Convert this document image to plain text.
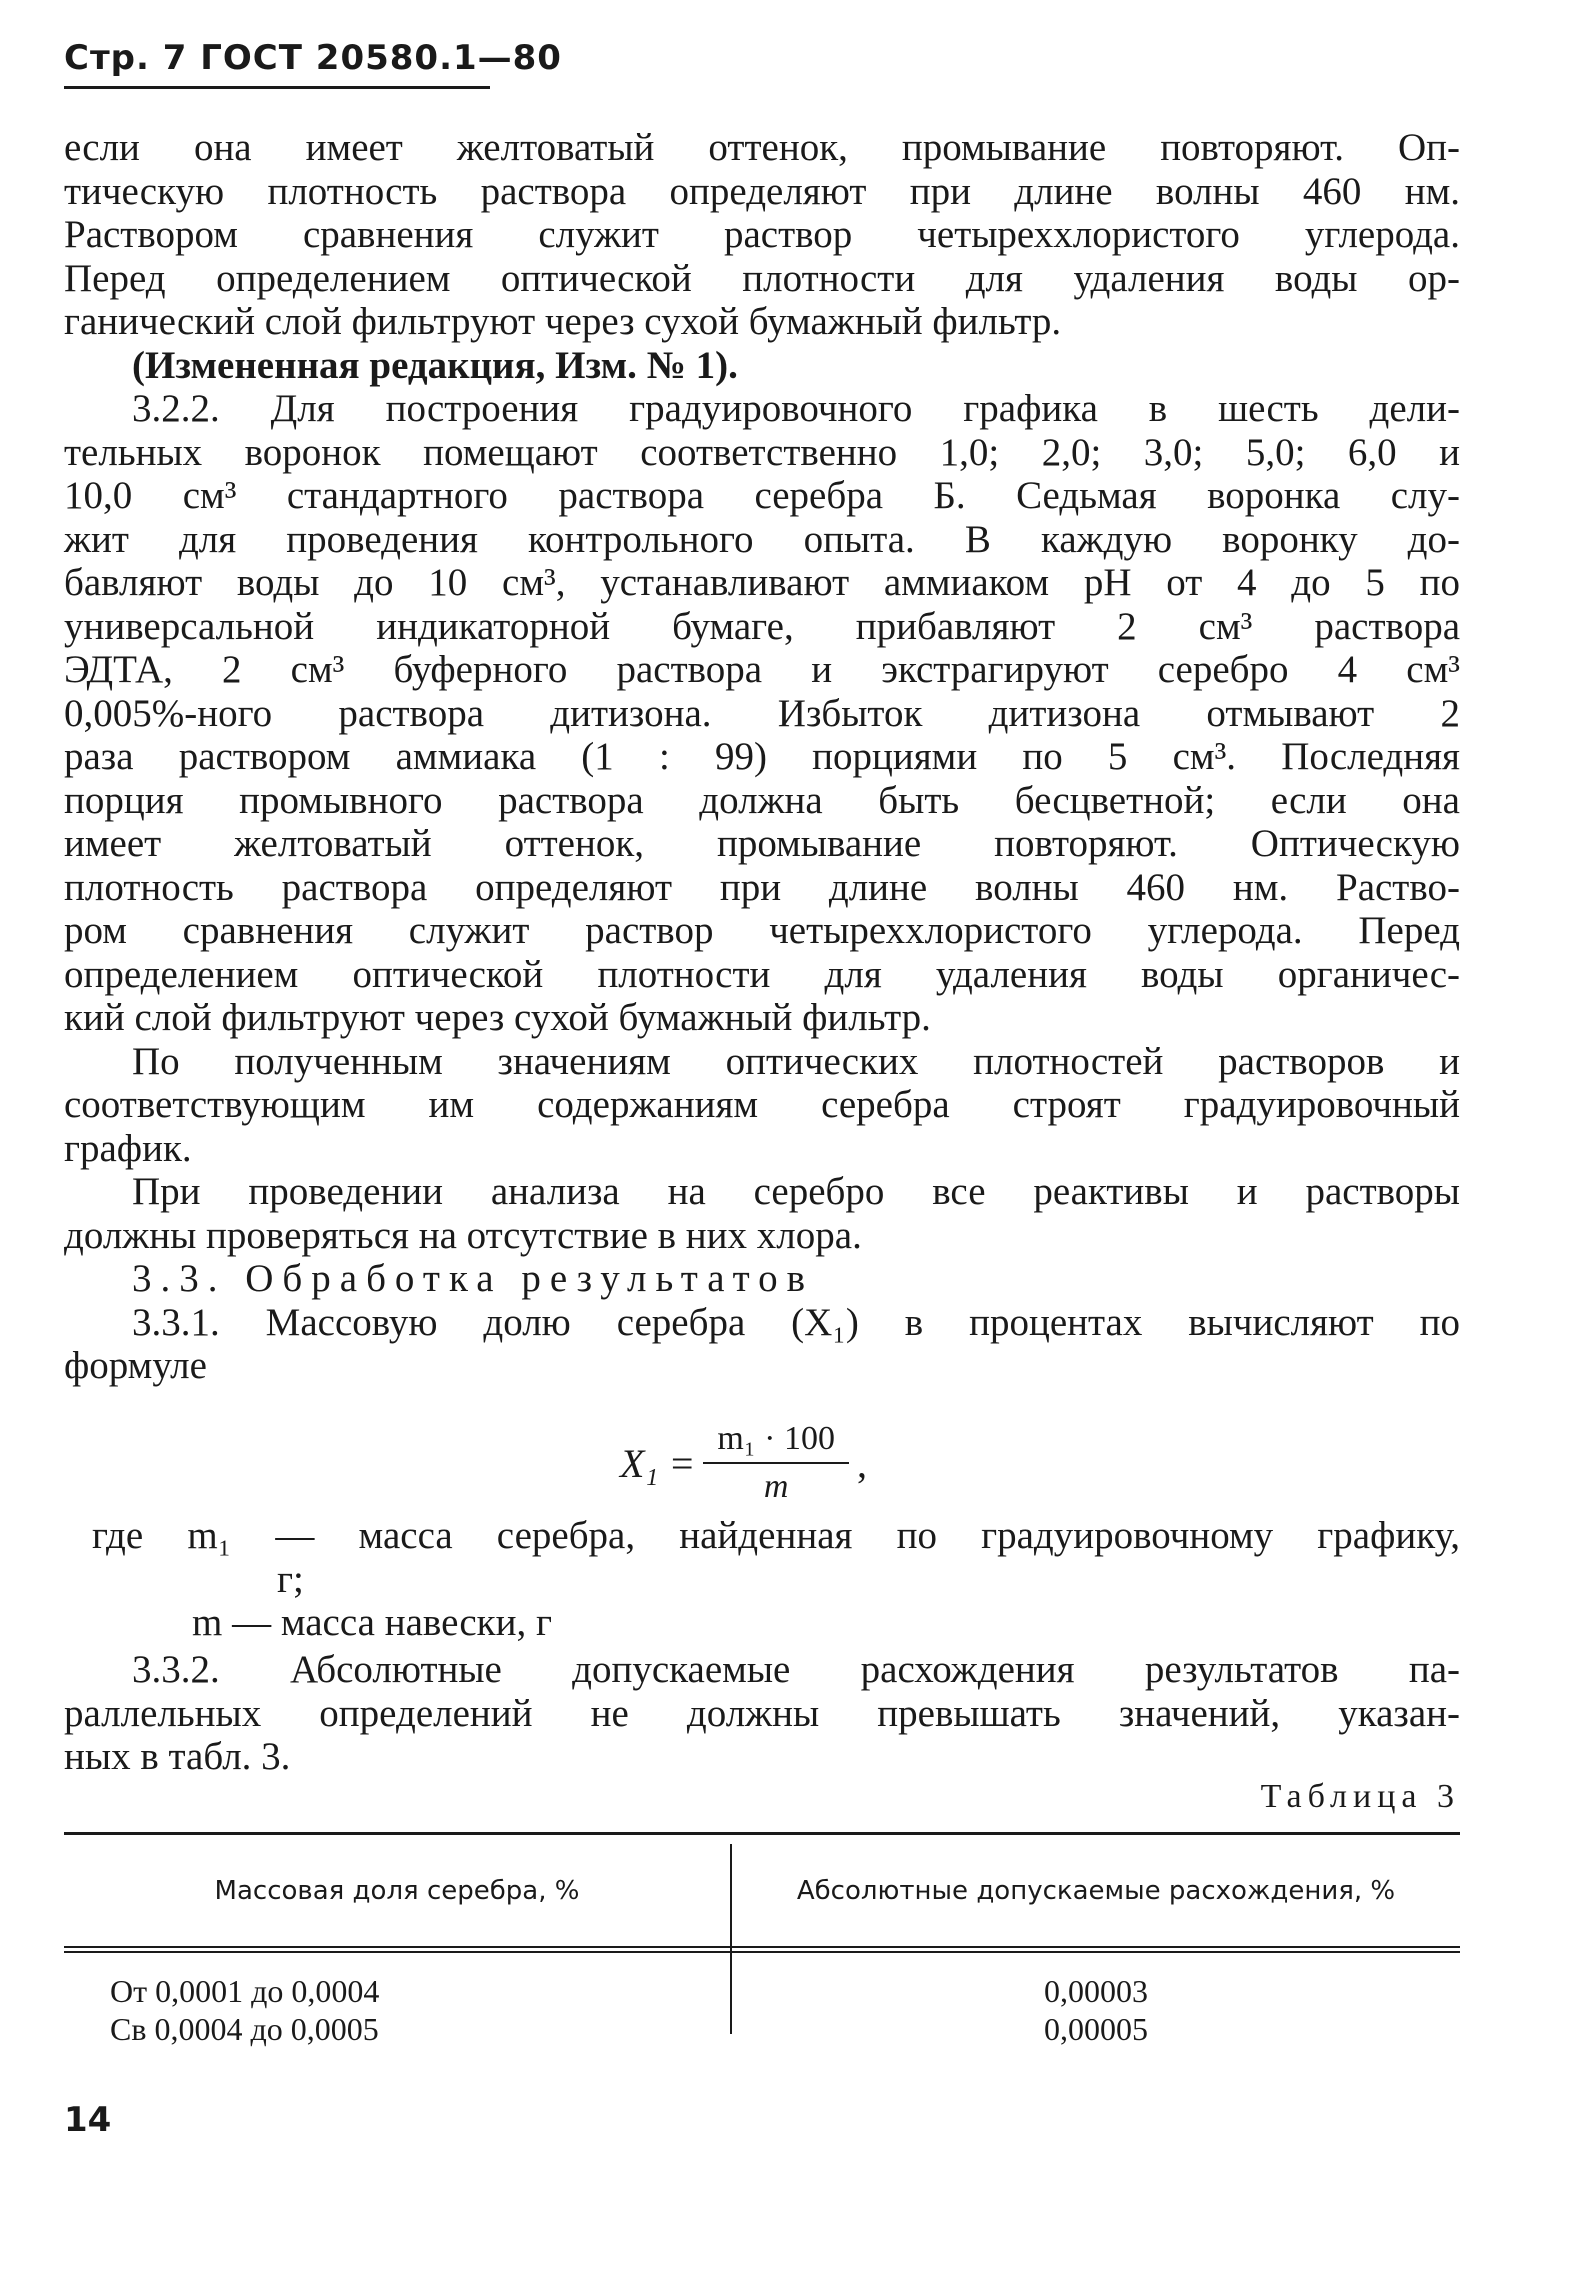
Стр. 7 ГОСТ 20580.1—80

если она имеет желтоватый оттенок, промывание повторяют. Оп-

тическую плотность раствора определяют при длине волны 460 нм.

Раствором сравнения служит раствор четыреххлористого углерода.

Перед определением оптической плотности для удаления воды ор-

ганический слой фильтруют через сухой бумажный фильтр.

(Измененная редакция, Изм. № 1).

3.2.2. Для построения градуировочного графика в шесть дели-

тельных воронок помещают соответственно 1,0; 2,0; 3,0; 5,0; 6,0 и

10,0 см³ стандартного раствора серебра Б. Седьмая воронка слу-

жит для проведения контрольного опыта. В каждую воронку до-

бавляют воды до 10 см³, устанавливают аммиаком pH от 4 до 5 по

универсальной индикаторной бумаге, прибавляют 2 см³ раствора

ЭДТА, 2 см³ буферного раствора и экстрагируют серебро 4 см³

0,005%-ного раствора дитизона. Избыток дитизона отмывают 2

раза раствором аммиака (1 : 99) порциями по 5 см³. Последняя

порция промывного раствора должна быть бесцветной; если она

имеет желтоватый оттенок, промывание повторяют. Оптическую

плотность раствора определяют при длине волны 460 нм. Раство-

ром сравнения служит раствор четыреххлористого углерода. Перед

определением оптической плотности для удаления воды органичес-

кий слой фильтруют через сухой бумажный фильтр.

По полученным значениям оптических плотностей растворов и

соответствующим им содержаниям серебра строят градуировочный

график.

При проведении анализа на серебро все реактивы и растворы

должны проверяться на отсутствие в них хлора.

3.3. Обработка результатов

3.3.1. Массовую долю серебра (X₁) в процентах вычисляют по

формуле

$X_1 = \frac{\text{m₁ · 100}}{m}$ ,

где m₁ — масса серебра, найденная по градуировочному графику,

г;

m — масса навески, г

3.3.2. Абсолютные допускаемые расхождения результатов па-

раллельных определений не должны превышать значений, указан-

ных в табл. 3.

Таблица 3
Массовая доля серебра, %	Абсолютные допускаемые расхождения, %
От 0,0001 до 0,0004	0,00003
Св 0,0004 до 0,0005	0,00005
14
